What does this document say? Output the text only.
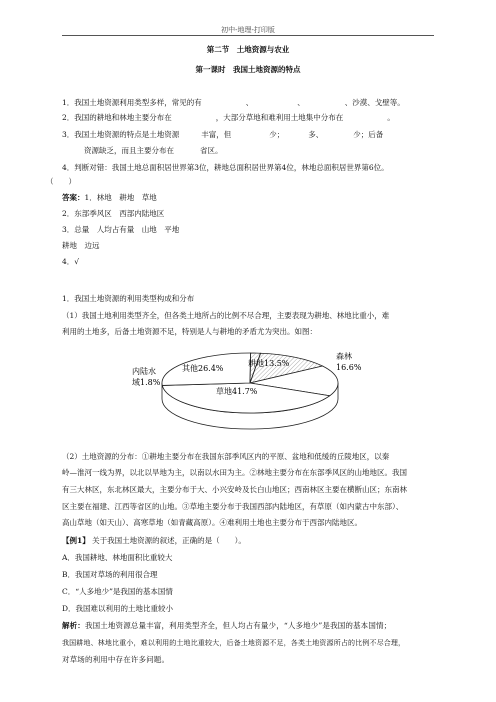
初中-地理-打印版
第二节　土地资源与农业
第一课时　我国土地资源的特点
1．我国土地资源利用类型多样，常见的有	、	、	、沙漠、戈壁等。
2．我国的耕地和林地主要分布在	，大部分草地和难利用土地集中分布在	。
3．我国土地资源的特点是土地资源	丰富，但	少；	多、	少；后备
资源缺乏，而且主要分布在	省区。
4．判断对错：我国土地总面积居世界第3位，耕地总面积居世界第4位，林地总面积居世界第6位。
（　　）
答案：1．林地　耕地　草地
2．东部季风区　西部内陆地区
3．总量　人均占有量　山地　平地
耕地　边远
4．√
1．我国土地资源的利用类型构成和分布
（1）我国土地利用类型齐全，但各类土地所占的比例不尽合理，主要表现为耕地、林地比重小，难
利用的土地多，后备土地资源不足，特别是人与耕地的矛盾尤为突出。如图：
其他26.4%
耕地13.5%
草地41.7%
森林
16.6%
内陆水
域1.8%
（2）土地资源的分布：①耕地主要分布在我国东部季风区内的平原、盆地和低缓的丘陵地区，以秦
岭—淮河一线为界，以北以旱地为主，以南以水田为主。②林地主要分布在东部季风区的山地地区。我国
有三大林区，东北林区最大，主要分布于大、小兴安岭及长白山地区；西南林区主要在横断山区；东南林
区主要在福建、江西等省区的山地。③草地主要分布于我国西部内陆地区，有草原（如内蒙古中东部）、
高山草地（如天山）、高寒草地（如青藏高原）。④难利用土地也主要分布于西部内陆地区。
【例1】 关于我国土地资源的叙述，正确的是（　　）。
A．我国耕地、林地面积比重较大
B．我国对草场的利用很合理
C．“人多地少”是我国的基本国情
D．我国难以利用的土地比重较小
解析：我国土地资源总量丰富，利用类型齐全，但人均占有量少，“人多地少”是我国的基本国情；
我国耕地、林地比重小，难以利用的土地比重较大，后备土地资源不足，各类土地资源所占的比例不尽合理，
对草场的利用中存在许多问题。
